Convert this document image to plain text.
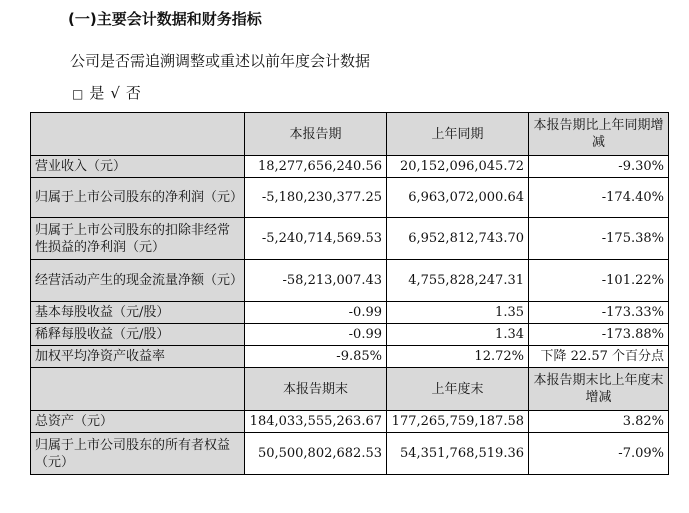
(一)主要会计数据和财务指标
公司是否需追溯调整或重述以前年度会计数据
□ 是 √ 否
	本报告期	上年同期	本报告期比上年同期增减
营业收入（元）	18,277,656,240.56	20,152,096,045.72	-9.30%
归属于上市公司股东的净利润（元）	-5,180,230,377.25	6,963,072,000.64	-174.40%
归属于上市公司股东的扣除非经常性损益的净利润（元）	-5,240,714,569.53	6,952,812,743.70	-175.38%
经营活动产生的现金流量净额（元）	-58,213,007.43	4,755,828,247.31	-101.22%
基本每股收益（元/股）	-0.99	1.35	-173.33%
稀释每股收益（元/股）	-0.99	1.34	-173.88%
加权平均净资产收益率	-9.85%	12.72%	下降 22.57 个百分点
	本报告期末	上年度末	本报告期末比上年度末增减
总资产（元）	184,033,555,263.67	177,265,759,187.58	3.82%
归属于上市公司股东的所有者权益（元）	50,500,802,682.53	54,351,768,519.36	-7.09%
